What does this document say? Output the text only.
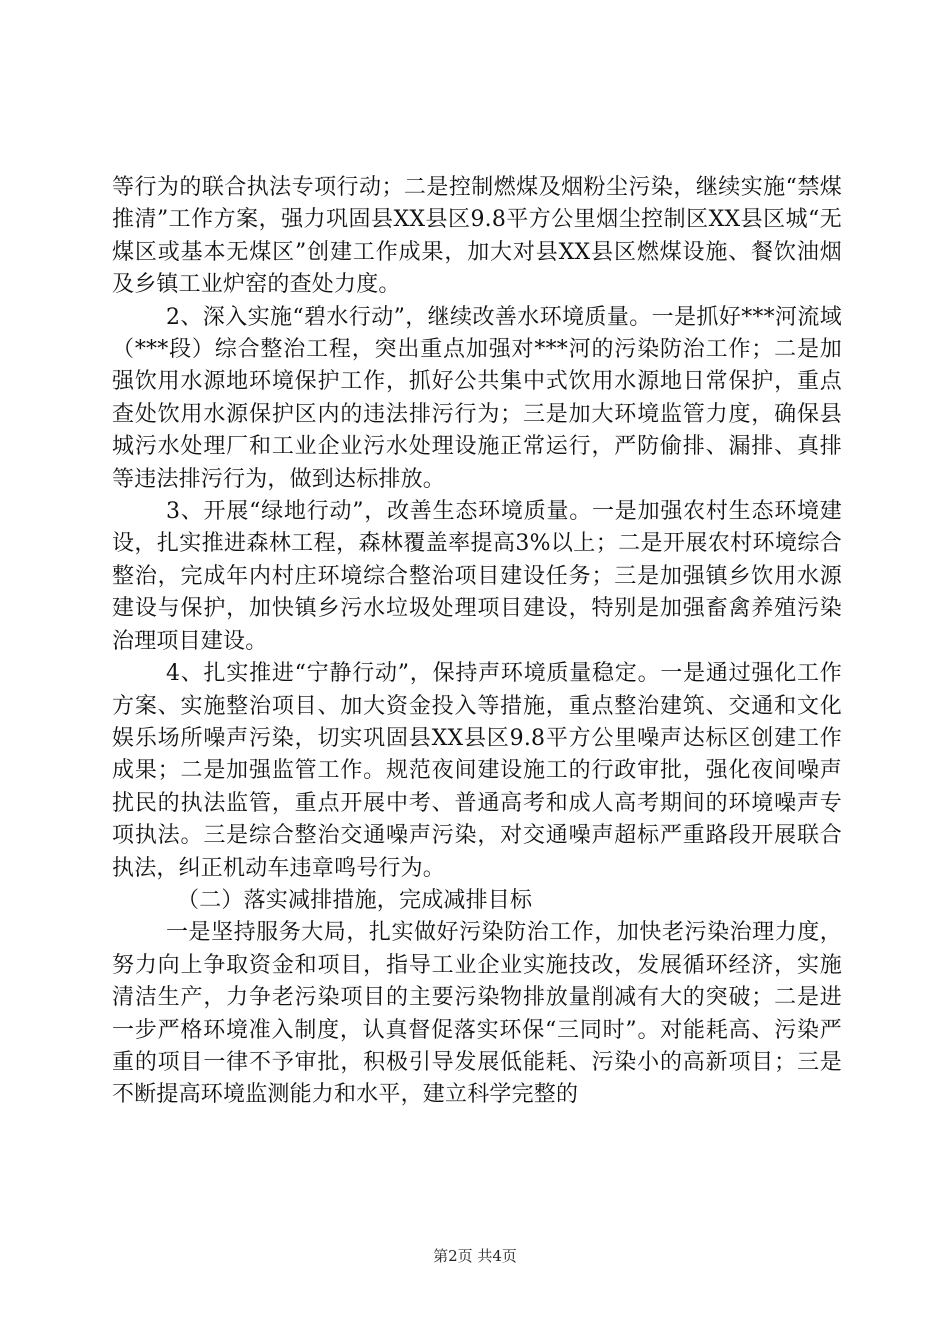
等行为的联合执法专项行动；二是控制燃煤及烟粉尘污染，继续实施“禁煤推清”工作方案，强力巩固县XX县区9.8平方公里烟尘控制区XX县区城“无煤区或基本无煤区”创建工作成果，加大对县XX县区燃煤设施、餐饮油烟及乡镇工业炉窑的查处力度。

2、深入实施“碧水行动”，继续改善水环境质量。一是抓好***河流域（***段）综合整治工程，突出重点加强对***河的污染防治工作；二是加强饮用水源地环境保护工作，抓好公共集中式饮用水源地日常保护，重点查处饮用水源保护区内的违法排污行为；三是加大环境监管力度，确保县城污水处理厂和工业企业污水处理设施正常运行，严防偷排、漏排、真排等违法排污行为，做到达标排放。

3、开展“绿地行动”，改善生态环境质量。一是加强农村生态环境建设，扎实推进森林工程，森林覆盖率提高3%以上；二是开展农村环境综合整治，完成年内村庄环境综合整治项目建设任务；三是加强镇乡饮用水源建设与保护，加快镇乡污水垃圾处理项目建设，特别是加强畜禽养殖污染治理项目建设。

4、扎实推进“宁静行动”，保持声环境质量稳定。一是通过强化工作方案、实施整治项目、加大资金投入等措施，重点整治建筑、交通和文化娱乐场所噪声污染，切实巩固县XX县区9.8平方公里噪声达标区创建工作成果；二是加强监管工作。规范夜间建设施工的行政审批，强化夜间噪声扰民的执法监管，重点开展中考、普通高考和成人高考期间的环境噪声专项执法。三是综合整治交通噪声污染，对交通噪声超标严重路段开展联合执法，纠正机动车违章鸣号行为。

（二）落实减排措施，完成减排目标

一是坚持服务大局，扎实做好污染防治工作，加快老污染治理力度，努力向上争取资金和项目，指导工业企业实施技改，发展循环经济，实施清洁生产，力争老污染项目的主要污染物排放量削减有大的突破；二是进一步严格环境准入制度，认真督促落实环保“三同时”。对能耗高、污染严重的项目一律不予审批，积极引导发展低能耗、污染小的高新项目；三是不断提高环境监测能力和水平，建立科学完整的

第2页 共4页
